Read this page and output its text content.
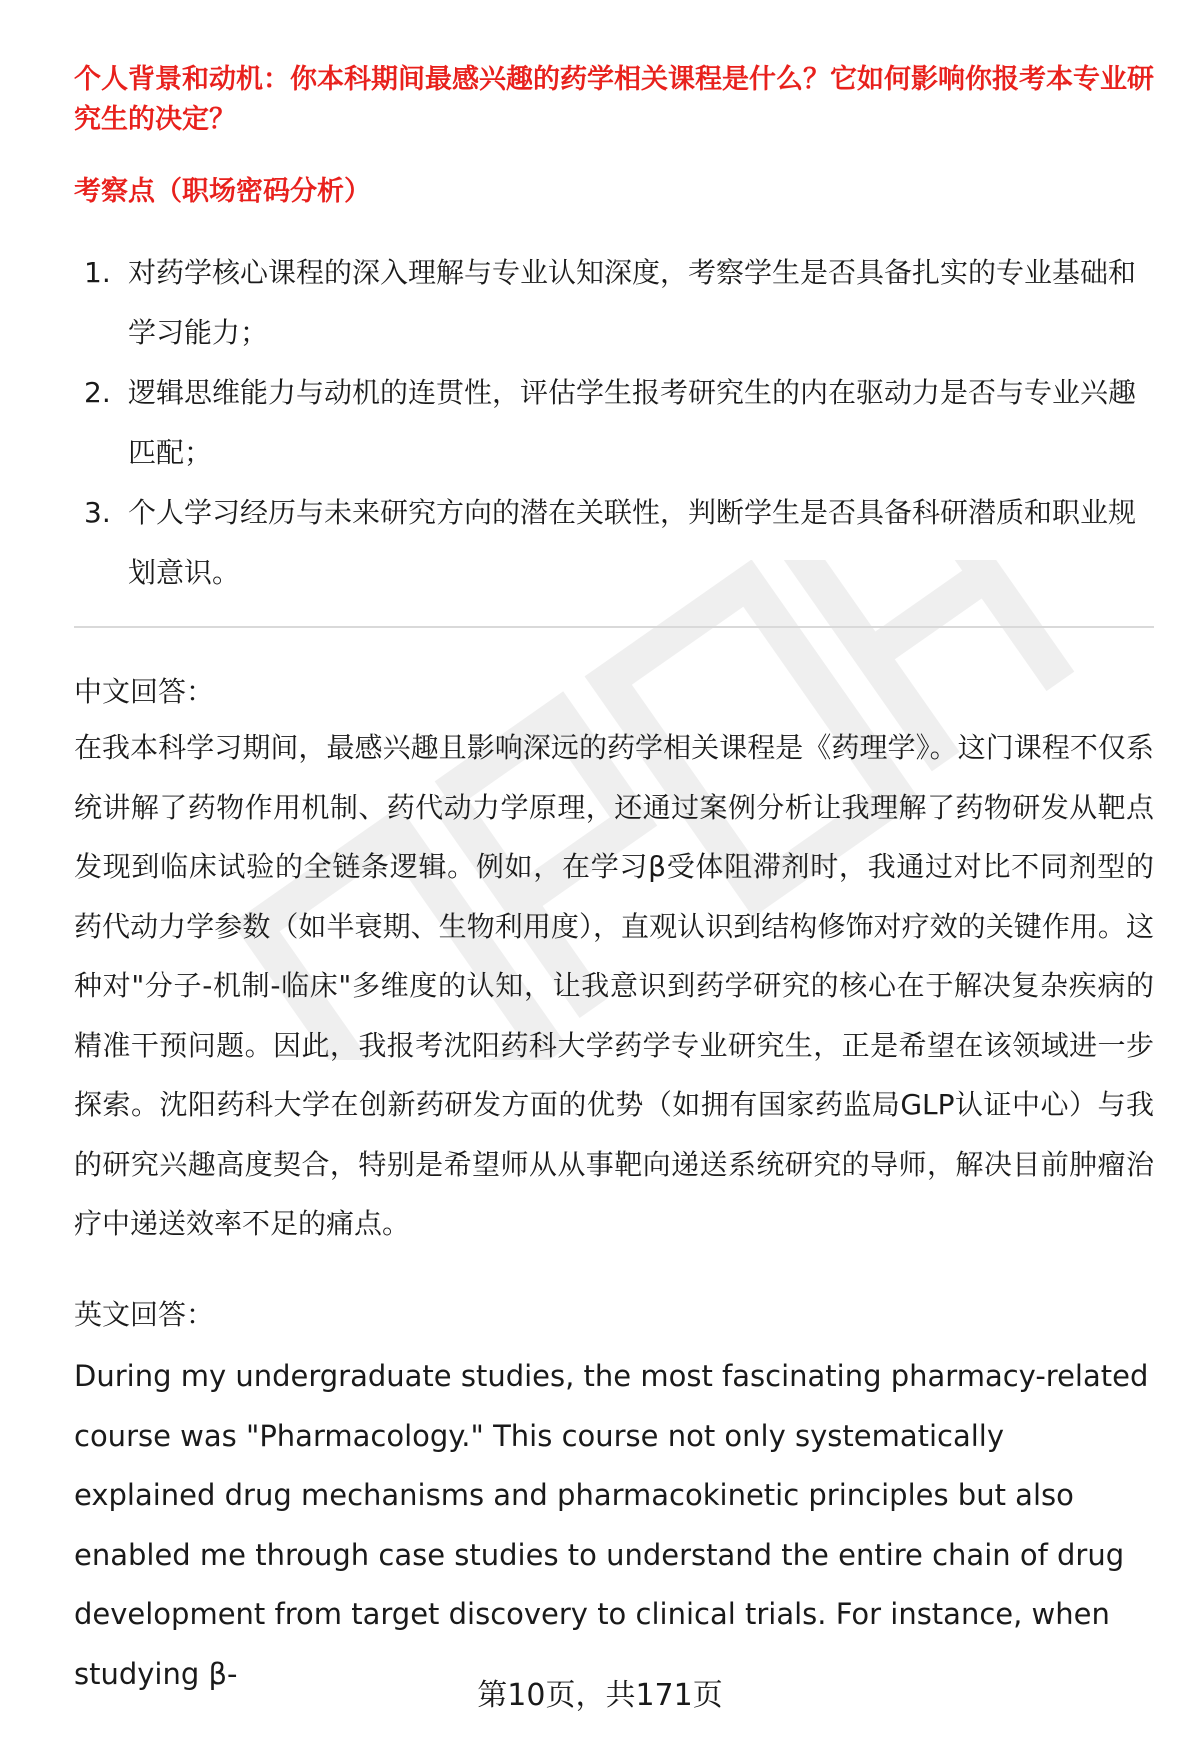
个人背景和动机：你本科期间最感兴趣的药学相关课程是什么？它如何影响你报考本专业研究生的决定？
考察点（职场密码分析）
1. 对药学核心课程的深入理解与专业认知深度，考察学生是否具备扎实的专业基础和学习能力；
2. 逻辑思维能力与动机的连贯性，评估学生报考研究生的内在驱动力是否与专业兴趣匹配；
3. 个人学习经历与未来研究方向的潜在关联性，判断学生是否具备科研潜质和职业规划意识。
中文回答：

在我本科学习期间，最感兴趣且影响深远的药学相关课程是《药理学》。这门课程不仅系统讲解了药物作用机制、药代动力学原理，还通过案例分析让我理解了药物研发从靶点发现到临床试验的全链条逻辑。例如，在学习β受体阻滞剂时，我通过对比不同剂型的药代动力学参数（如半衰期、生物利用度），直观认识到结构修饰对疗效的关键作用。这种对"分子-机制-临床"多维度的认知，让我意识到药学研究的核心在于解决复杂疾病的精准干预问题。因此，我报考沈阳药科大学药学专业研究生，正是希望在该领域进一步探索。沈阳药科大学在创新药研发方面的优势（如拥有国家药监局GLP认证中心）与我的研究兴趣高度契合，特别是希望师从从事靶向递送系统研究的导师，解决目前肿瘤治疗中递送效率不足的痛点。

英文回答：

During my undergraduate studies, the most fascinating pharmacy-related course was "Pharmacology." This course not only systematically explained drug mechanisms and pharmacokinetic principles but also enabled me through case studies to understand the entire chain of drug development from target discovery to clinical trials. For instance, when studying β-

第10页，共171页
